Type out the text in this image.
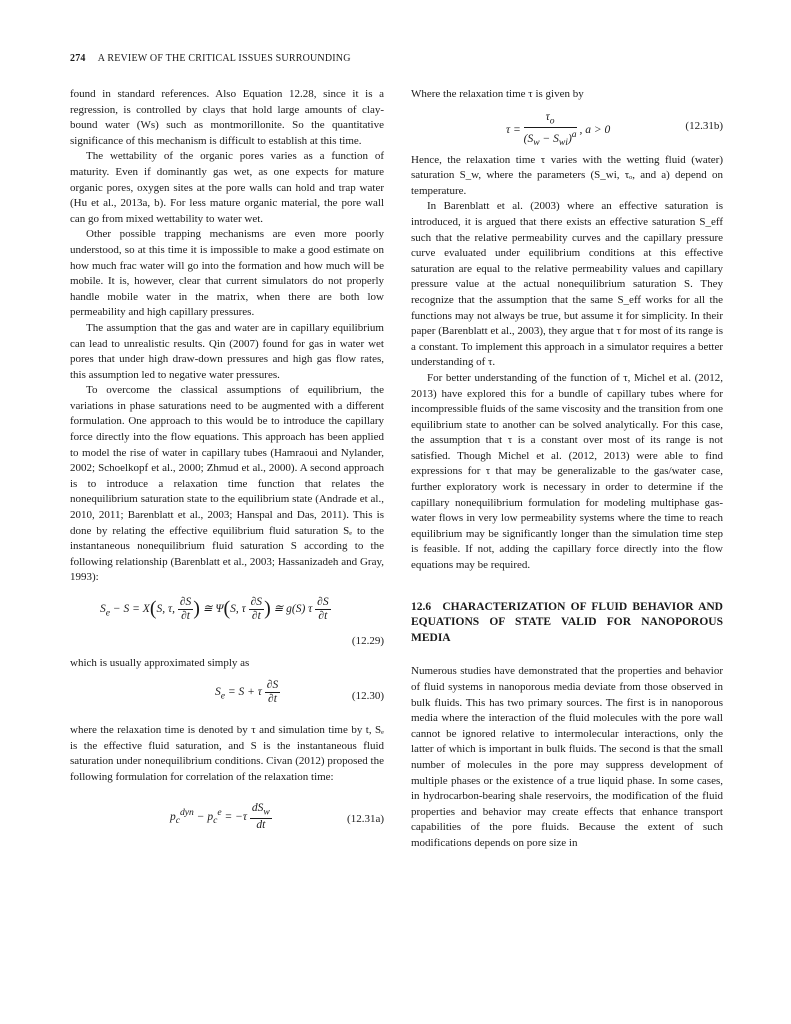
274 A REVIEW OF THE CRITICAL ISSUES SURROUNDING

found in standard references. Also Equation 12.28, since it is a regression, is controlled by clays that hold large amounts of clay-bound water (Ws) such as montmorillonite. So the quantitative significance of this mechanism is difficult to establish at this time.

The wettability of the organic pores varies as a function of maturity. Even if dominantly gas wet, as one expects for mature organic pores, oxygen sites at the pore walls can hold and trap water (Hu et al., 2013a, b). For less mature organic material, the pore wall can go from mixed wettability to water wet.

Other possible trapping mechanisms are even more poorly understood, so at this time it is impossible to make a good estimate on how much frac water will go into the formation and how much will be mobile. It is, however, clear that current simulators do not properly handle mobile water in the matrix, when there are both low permeability and high capillary pressures.

The assumption that the gas and water are in capillary equilibrium can lead to unrealistic results. Qin (2007) found for gas in water wet pores that under high draw-down pressures and high gas flow rates, this assumption led to negative water pressures.

To overcome the classical assumptions of equilibrium, the variations in phase saturations need to be augmented with a different formulation. One approach to this would be to introduce the capillary force directly into the flow equations. This approach has been applied to model the rise of water in capillary tubes (Hamraoui and Nylander, 2002; Schoelkopf et al., 2000; Zhmud et al., 2000). A second approach is to introduce a relaxation time function that relates the nonequilibrium saturation state to the equilibrium state (Andrade et al., 2010, 2011; Barenblatt et al., 2003; Hanspal and Das, 2011). This is done by relating the effective equilibrium fluid saturation Sₑ to the instantaneous nonequilibrium fluid saturation S according to the following relationship (Barenblatt et al., 2003; Hassanizadeh and Gray, 1993):

$S_e - S = X(S$, τ, $\frac{\partial S}{\partial t}$ ) ≅ Ψ(S, τ $\frac{\partial S}{\partial t}$ ) ≅ g(S) τ $\frac{\partial S}{\partial t}$
(12.29)

which is usually approximated simply as

$S_e = S + \tau \frac{\partial S}{\partial t}$	(12.30)

where the relaxation time is denoted by τ and simulation time by t, Sₑ is the effective fluid saturation, and S is the instantaneous fluid saturation under nonequilibrium conditions. Civan (2012) proposed the following formulation for correlation of the relaxation time:

$p_c^{dyn} - p_c^e = -\tau \frac{dS_w}{dt}$	(12.31a)

Where the relaxation time τ is given by

$\tau = \frac{\tau_o}{(S_w - S_{wi})^a}$ , a > 0	(12.31b)

Hence, the relaxation time τ varies with the wetting fluid (water) saturation S_w, where the parameters (S_wi, τₒ, and a) depend on temperature.

In Barenblatt et al. (2003) where an effective saturation is introduced, it is argued that there exists an effective saturation S_eff such that the relative permeability curves and the capillary pressure curve evaluated under equilibrium conditions at this effective saturation are equal to the relative permeability values and capillary pressure value at the actual nonequilibrium saturation S. They recognize that the assumption that the same S_eff works for all the functions may not always be true, but assume it for simplicity. In their paper (Barenblatt et al., 2003), they argue that τ for most of its range is a constant. To implement this approach in a simulator requires a better understanding of τ.

For better understanding of the function of τ, Michel et al. (2012, 2013) have explored this for a bundle of capillary tubes where for incompressible fluids of the same viscosity and the transition from one equilibrium state to another can be solved analytically. For this case, the assumption that τ is a constant over most of its range is not satisfied. Though Michel et al. (2012, 2013) were able to find expressions for τ that may be generalizable to the gas/water case, further exploratory work is necessary in order to determine if the capillary nonequilibrium formulation for modeling multiphase gas-water flows in very low permeability systems where the time to reach equilibrium may be significantly longer than the simulation time step is feasible. If not, adding the capillary force directly into the flow equations may be required.

12.6 CHARACTERIZATION OF FLUID BEHAVIOR AND EQUATIONS OF STATE VALID FOR NANOPOROUS MEDIA

Numerous studies have demonstrated that the properties and behavior of fluid systems in nanoporous media deviate from those observed in bulk fluids. This has two primary sources. The first is in nanoporous media where the interaction of the fluid molecules with the pore wall cannot be ignored relative to intermolecular interactions, only the latter of which is important in bulk fluids. The second is that the small number of molecules in the pore may suppress development of multiple phases or the existence of a true liquid phase. In some cases, in hydrocarbon-bearing shale reservoirs, the modification of the fluid properties and behavior may create effects that enhance transport capabilities of the pore fluids. Because the extent of such modifications depends on pore size in
